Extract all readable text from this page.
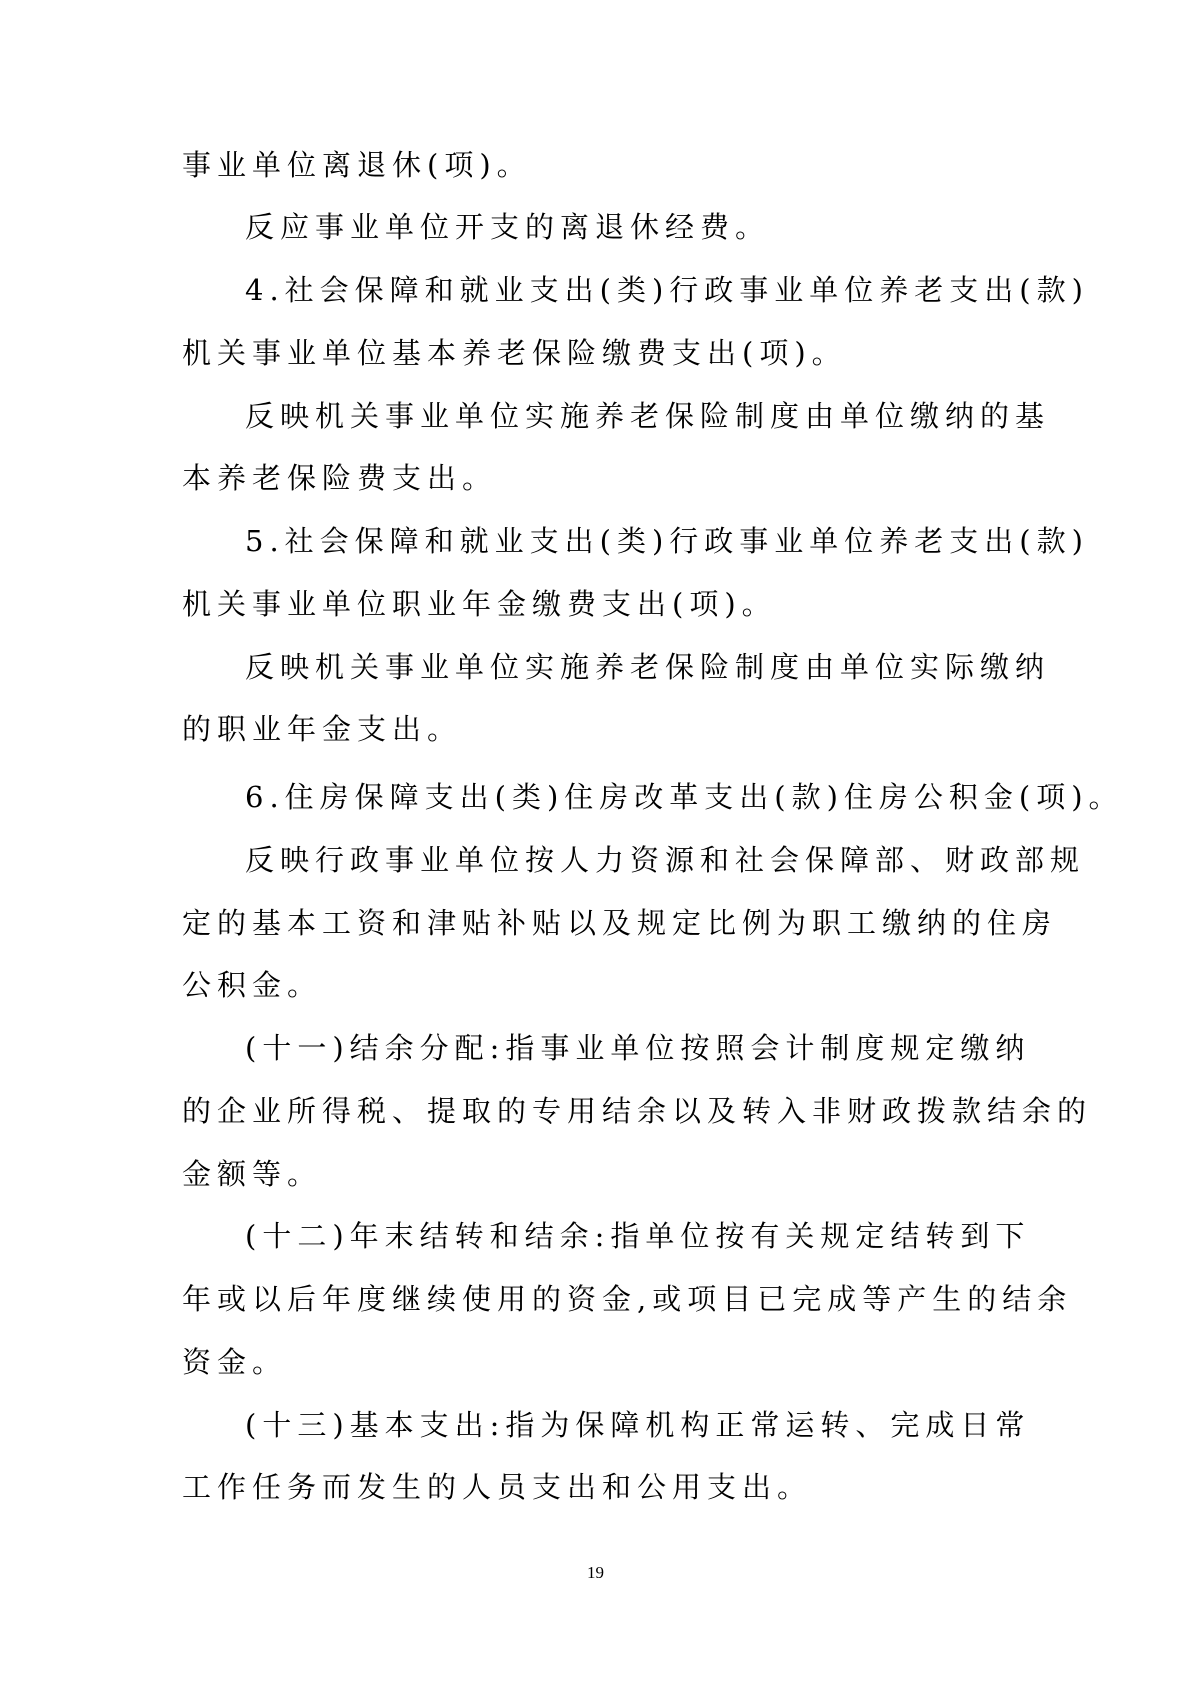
事业单位离退休(项)。
反应事业单位开支的离退休经费。
4.社会保障和就业支出(类)行政事业单位养老支出(款)
机关事业单位基本养老保险缴费支出(项)。
反映机关事业单位实施养老保险制度由单位缴纳的基
本养老保险费支出。
5.社会保障和就业支出(类)行政事业单位养老支出(款)
机关事业单位职业年金缴费支出(项)。
反映机关事业单位实施养老保险制度由单位实际缴纳
的职业年金支出。
6.住房保障支出(类)住房改革支出(款)住房公积金(项)。
反映行政事业单位按人力资源和社会保障部、财政部规
定的基本工资和津贴补贴以及规定比例为职工缴纳的住房
公积金。
(十一)结余分配:指事业单位按照会计制度规定缴纳
的企业所得税、提取的专用结余以及转入非财政拨款结余的
金额等。
(十二)年末结转和结余:指单位按有关规定结转到下
年或以后年度继续使用的资金,或项目已完成等产生的结余
资金。
(十三)基本支出:指为保障机构正常运转、完成日常
工作任务而发生的人员支出和公用支出。
19
